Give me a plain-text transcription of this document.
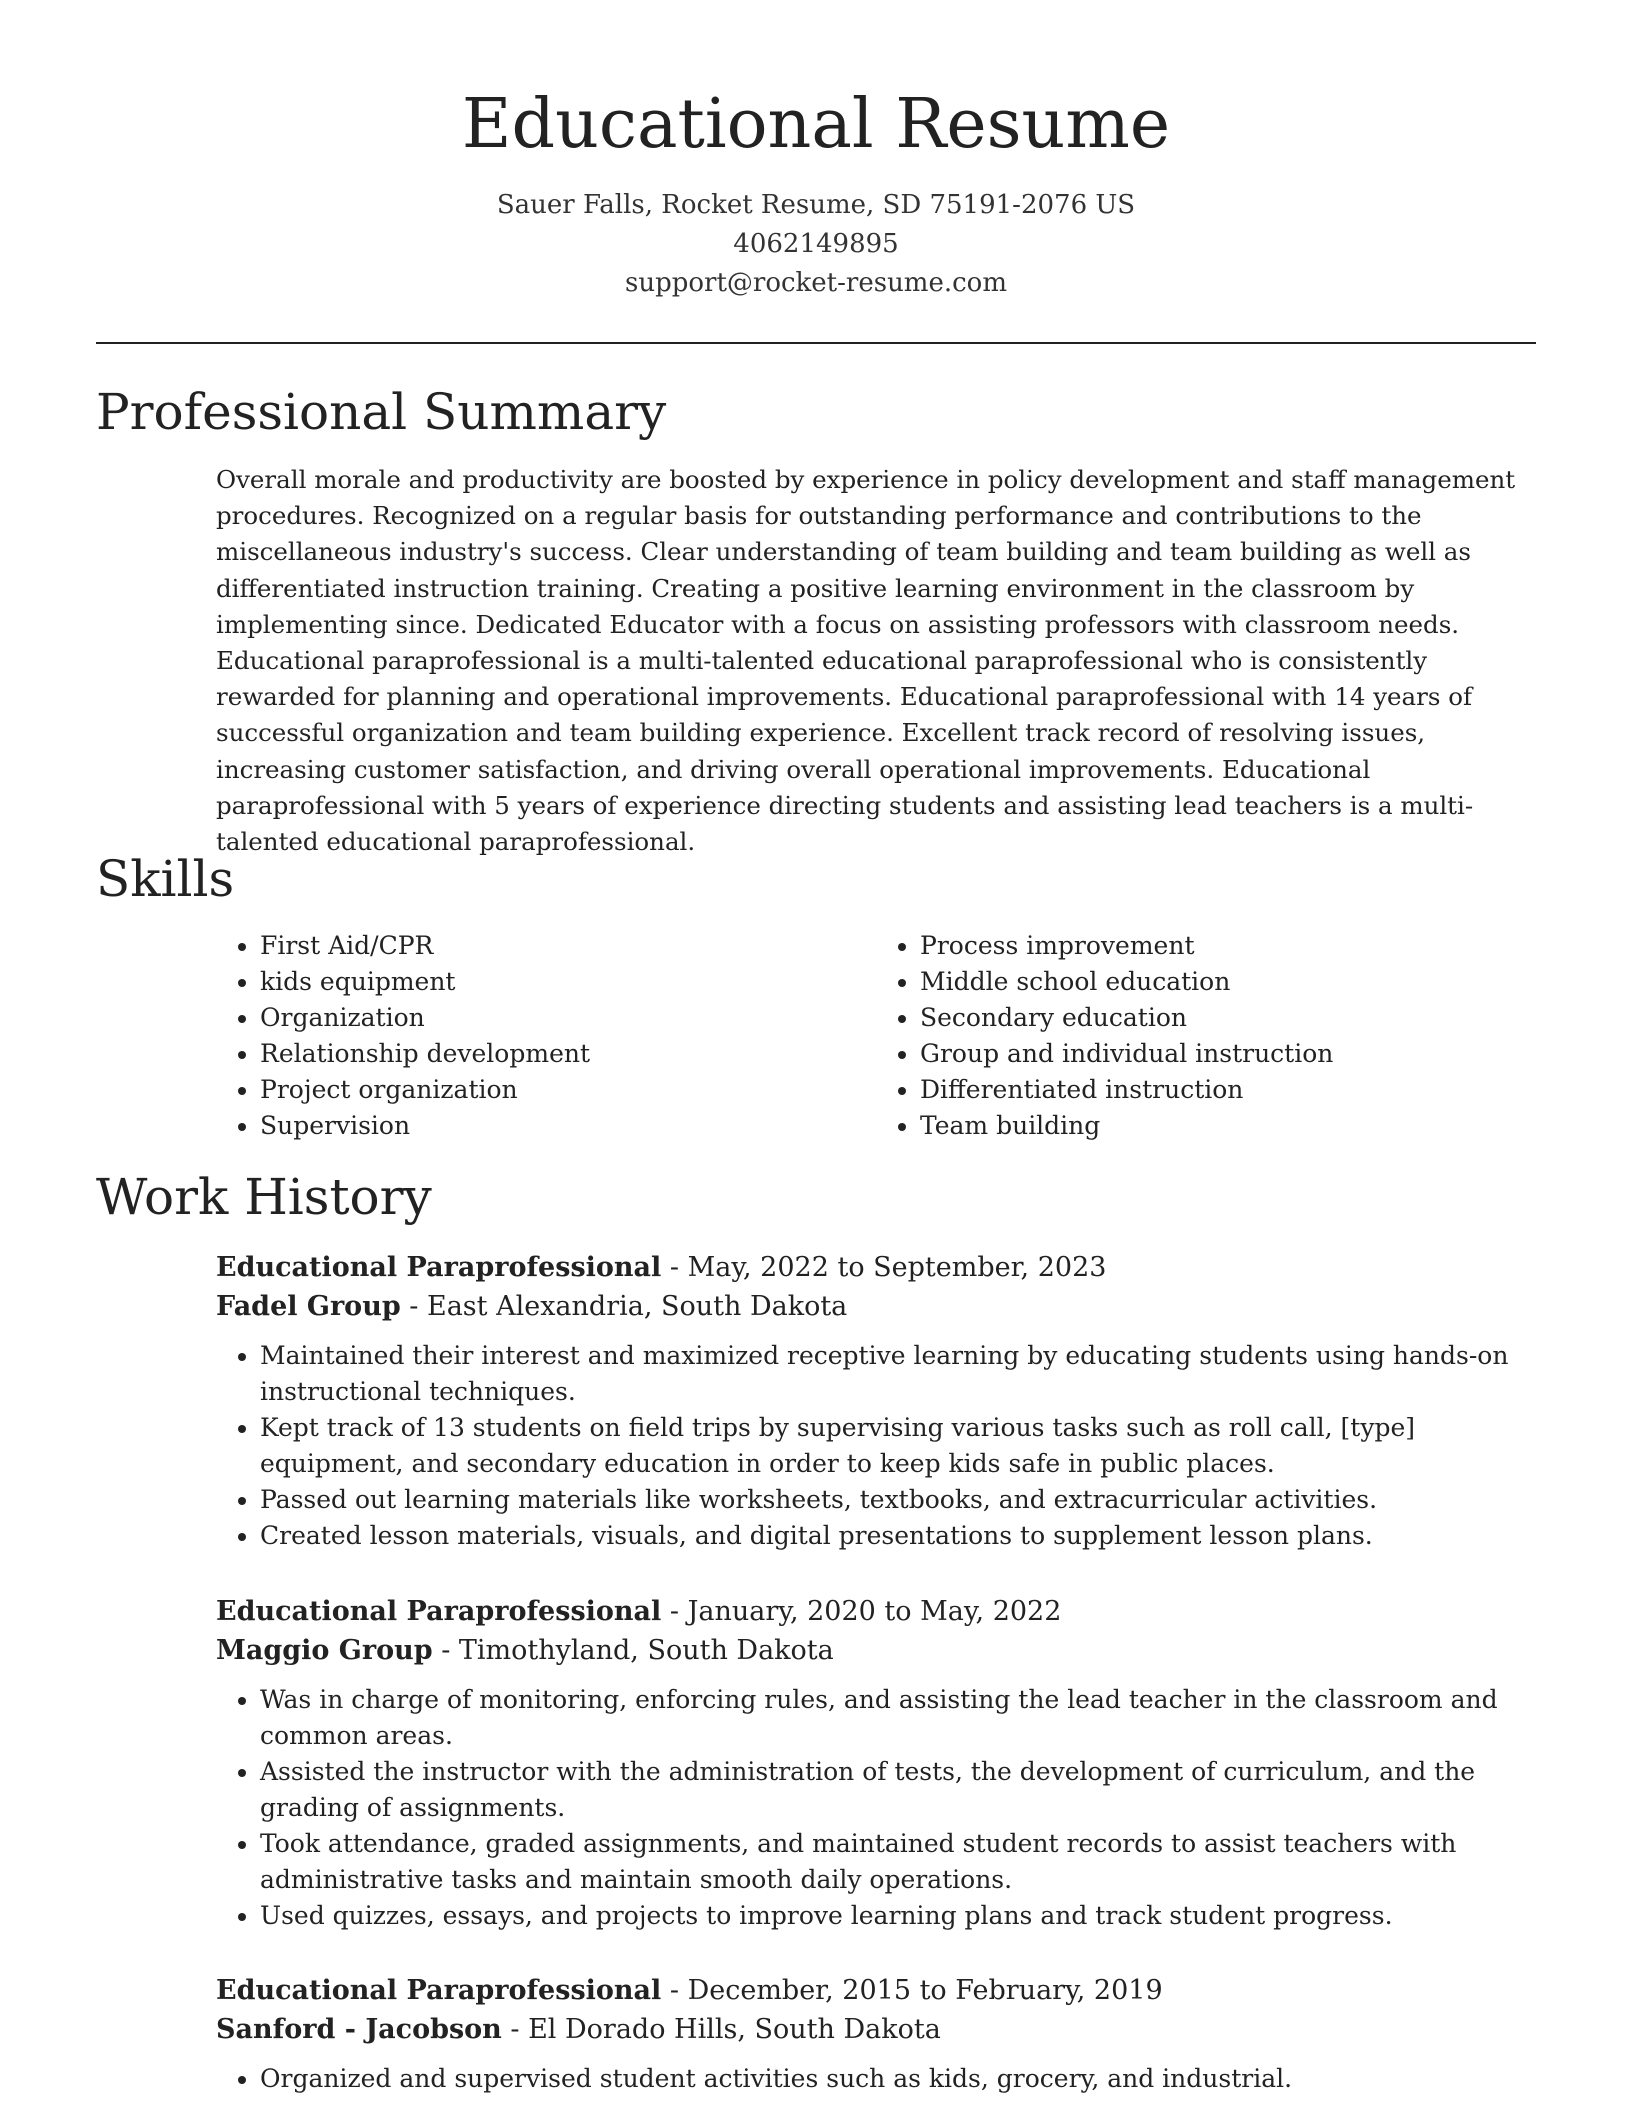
Educational Resume
Sauer Falls, Rocket Resume, SD 75191-2076 US
4062149895
support@rocket-resume.com
Professional Summary

Overall morale and productivity are boosted by experience in policy development and staff management procedures. Recognized on a regular basis for outstanding performance and contributions to the miscellaneous industry's success. Clear understanding of team building and team building as well as differentiated instruction training. Creating a positive learning environment in the classroom by implementing since. Dedicated Educator with a focus on assisting professors with classroom needs. Educational paraprofessional is a multi-talented educational paraprofessional who is consistently rewarded for planning and operational improvements. Educational paraprofessional with 14 years of successful organization and team building experience. Excellent track record of resolving issues, increasing customer satisfaction, and driving overall operational improvements. Educational paraprofessional with 5 years of experience directing students and assisting lead teachers is a multi-talented educational paraprofessional.

Skills
• First Aid/CPR
• kids equipment
• Organization
• Relationship development
• Project organization
• Supervision
• Process improvement
• Middle school education
• Secondary education
• Group and individual instruction
• Differentiated instruction
• Team building
Work History
Educational Paraprofessional - May, 2022 to September, 2023
Fadel Group - East Alexandria, South Dakota
• Maintained their interest and maximized receptive learning by educating students using hands-on instructional techniques.
• Kept track of 13 students on field trips by supervising various tasks such as roll call, [type] equipment, and secondary education in order to keep kids safe in public places.
• Passed out learning materials like worksheets, textbooks, and extracurricular activities.
• Created lesson materials, visuals, and digital presentations to supplement lesson plans.
Educational Paraprofessional - January, 2020 to May, 2022
Maggio Group - Timothyland, South Dakota
• Was in charge of monitoring, enforcing rules, and assisting the lead teacher in the classroom and common areas.
• Assisted the instructor with the administration of tests, the development of curriculum, and the grading of assignments.
• Took attendance, graded assignments, and maintained student records to assist teachers with administrative tasks and maintain smooth daily operations.
• Used quizzes, essays, and projects to improve learning plans and track student progress.
Educational Paraprofessional - December, 2015 to February, 2019
Sanford - Jacobson - El Dorado Hills, South Dakota
• Organized and supervised student activities such as kids, grocery, and industrial.
